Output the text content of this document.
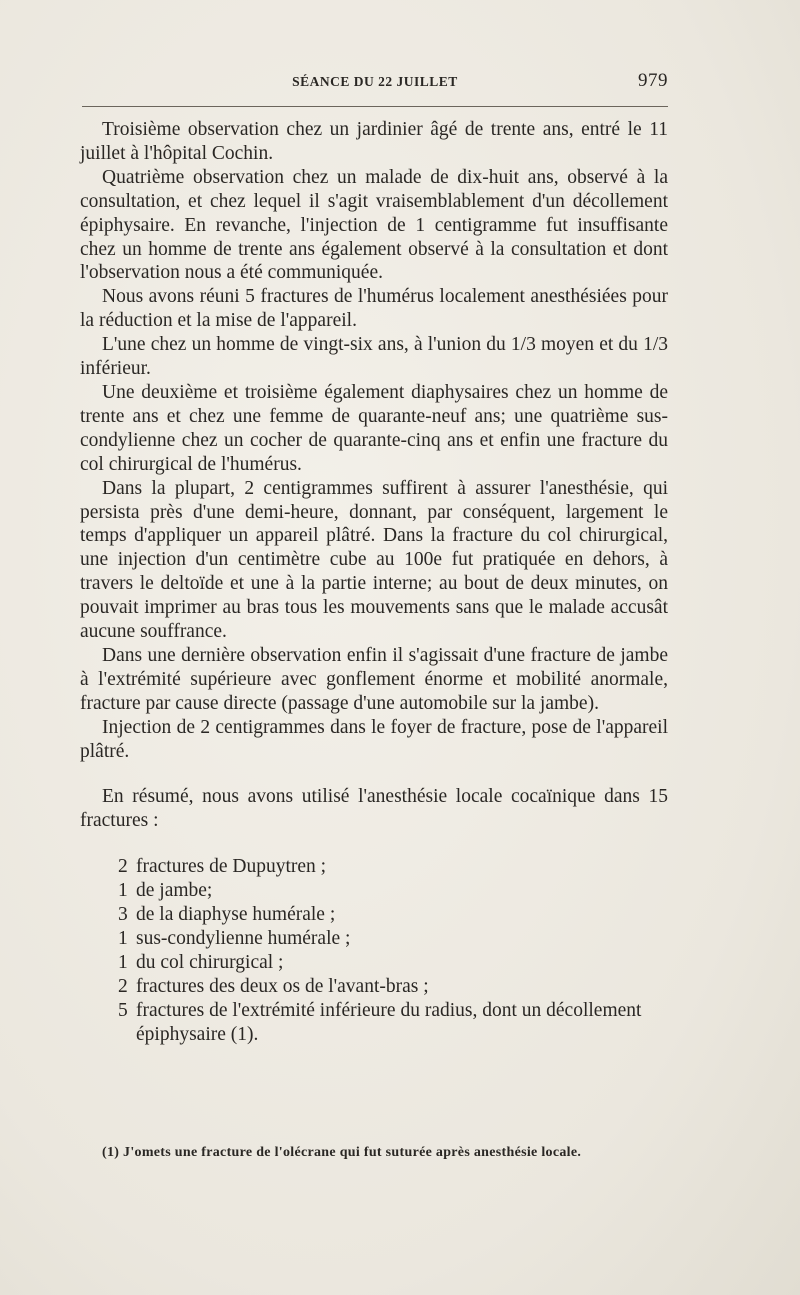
SÉANCE DU 22 JUILLET	979

Troisième observation chez un jardinier âgé de trente ans, entré le 11 juillet à l'hôpital Cochin.

Quatrième observation chez un malade de dix-huit ans, observé à la consultation, et chez lequel il s'agit vraisemblablement d'un décollement épiphysaire. En revanche, l'injection de 1 centigramme fut insuffisante chez un homme de trente ans également observé à la consultation et dont l'observation nous a été communiquée.

Nous avons réuni 5 fractures de l'humérus localement anesthésiées pour la réduction et la mise de l'appareil.

L'une chez un homme de vingt-six ans, à l'union du 1/3 moyen et du 1/3 inférieur.

Une deuxième et troisième également diaphysaires chez un homme de trente ans et chez une femme de quarante-neuf ans; une quatrième sus-condylienne chez un cocher de quarante-cinq ans et enfin une fracture du col chirurgical de l'humérus.

Dans la plupart, 2 centigrammes suffirent à assurer l'anesthésie, qui persista près d'une demi-heure, donnant, par conséquent, largement le temps d'appliquer un appareil plâtré. Dans la fracture du col chirurgical, une injection d'un centimètre cube au 100e fut pratiquée en dehors, à travers le deltoïde et une à la partie interne; au bout de deux minutes, on pouvait imprimer au bras tous les mouvements sans que le malade accusât aucune souffrance.

Dans une dernière observation enfin il s'agissait d'une fracture de jambe à l'extrémité supérieure avec gonflement énorme et mobilité anormale, fracture par cause directe (passage d'une automobile sur la jambe).

Injection de 2 centigrammes dans le foyer de fracture, pose de l'appareil plâtré.

En résumé, nous avons utilisé l'anesthésie locale cocaïnique dans 15 fractures :

2 fractures de Dupuytren ;
1 de jambe;
3 de la diaphyse humérale ;
1 sus-condylienne humérale ;
1 du col chirurgical ;
2 fractures des deux os de l'avant-bras ;
5 fractures de l'extrémité inférieure du radius, dont un décollement épiphysaire (1).
(1) J'omets une fracture de l'olécrane qui fut suturée après anesthésie locale.
